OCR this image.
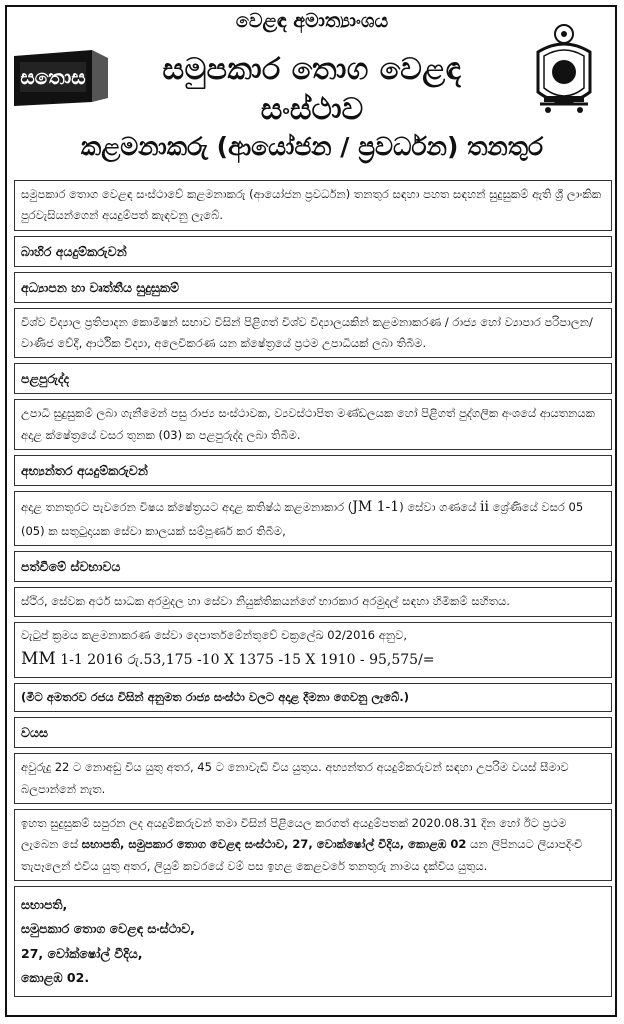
සතොස
වෙළඳ අමාත්‍යාංශය
සමුපකාර තොග වෙළඳ
සංස්ථාව
කළමනාකරු (ආයෝජන / ප්‍රවර්ධන) තනතුර
සමුපකාර තොග වෙළඳ සංස්ථාවේ කළමනාකරු (ආයෝජන ප්‍රවර්ධන) තනතුර සඳහා පහත සඳහන් සුදුසුකම් ඇති ශ්‍රී ලාංකික පුරවැසියන්ගෙන් අයදුම්පත් කැඳවනු ලැබේ.
බාහිර අයදුම්කරුවන්
අධ්‍යාපන හා වෘත්තීය සුදුසුකම්
විශ්ව විද්‍යාල ප්‍රතිපාදන කොමිෂන් සභාව විසින් පිළිගත් විශ්ව විද්‍යාලයකින් කළමනාකරණ / රාජ්‍ය හෝ ව්‍යාපාර පරිපාලන/ වාණිජ වේදී, ආර්ථික විද්‍යා, අලෙවිකරණ යන ක්ෂේත්‍රයේ ප්‍රථම උපාධියක් ලබා තිබීම.
පළපුරුද්ද
උපාධි සුදුසුකම් ලබා ගැනීමෙන් පසු රාජ්‍ය සංස්ථාවක, ව්‍යවස්ථාපිත මණ්ඩලයක හෝ පිළිගත් පුද්ගලික අංශයේ ආයතනයක අදාළ ක්ෂේත්‍රයේ වසර තුනක (03) ක පළපුරුද්ද ලබා තිබීම.
අභ්‍යන්තර අයදුම්කරුවන්
අදාළ තනතුරට පැවරෙන විෂය ක්ෂේත්‍රයට අදාළ කතිෂ්ඨ කළමනාකාර (JM 1-1) සේවා ගණයේ ii ශ්‍රේණියේ වසර 05 (05) ක සතුටුදායක සේවා කාලයක් සම්පූර්ණ කර තිබීම,
පත්වීමේ ස්වභාවය
ස්ථිර, සේවක අර්ථ සාධක අරමුදල හා සේවා නියුක්තිකයන්ගේ භාරකාර අරමුදල් සඳහා හිමිකම් සහිතය.
වැටුප් ක්‍රමය කළමනාකරණ සේවා දෙපාර්තමේන්තුවේ චක්‍රලේඛ 02/2016 අනුව,
MM 1-1 2016 රු.53,175 -10 X 1375 -15 X 1910 - 95,575/=
(මීට අමතරව රජය විසින් අනුමත රාජ්‍ය සංස්ථා වලට අදාළ දීමනා ගෙවනු ලැබේ.)
වයස
අවුරුදු 22 ට නොඅඩු විය යුතු අතර, 45 ට නොවැඩි විය යුතුය. අභ්‍යන්තර අයදුම්කරුවන් සඳහා උපරිම වයස් සීමාව බලපාන්නේ නැත.
ඉහත සුදුසුකම් සපුරන ලද අයදුම්කරුවන් තමා විසින් පිළියෙල කරගත් අයදුම්පතක් 2020.08.31 දින හෝ ඊට ප්‍රථම ලැබෙන සේ සභාපති, සමුපකාර තොග වෙළඳ සංස්ථාව, 27, වොක්ෂෝල් වීදිය, කොළඹ 02 යන ලිපිනයට ලියාපදිංචි තැපෑලෙන් එවිය යුතු අතර, ලියුම් කවරයේ වම් පස ඉහළ කෙළවරේ තනතුරු නාමය දැක්විය යුතුය.
සභාපති,
සමුපකාර තොග වෙළඳ සංස්ථාව,
27, වෝක්ෂෝල් වීදිය,
කොළඹ 02.
